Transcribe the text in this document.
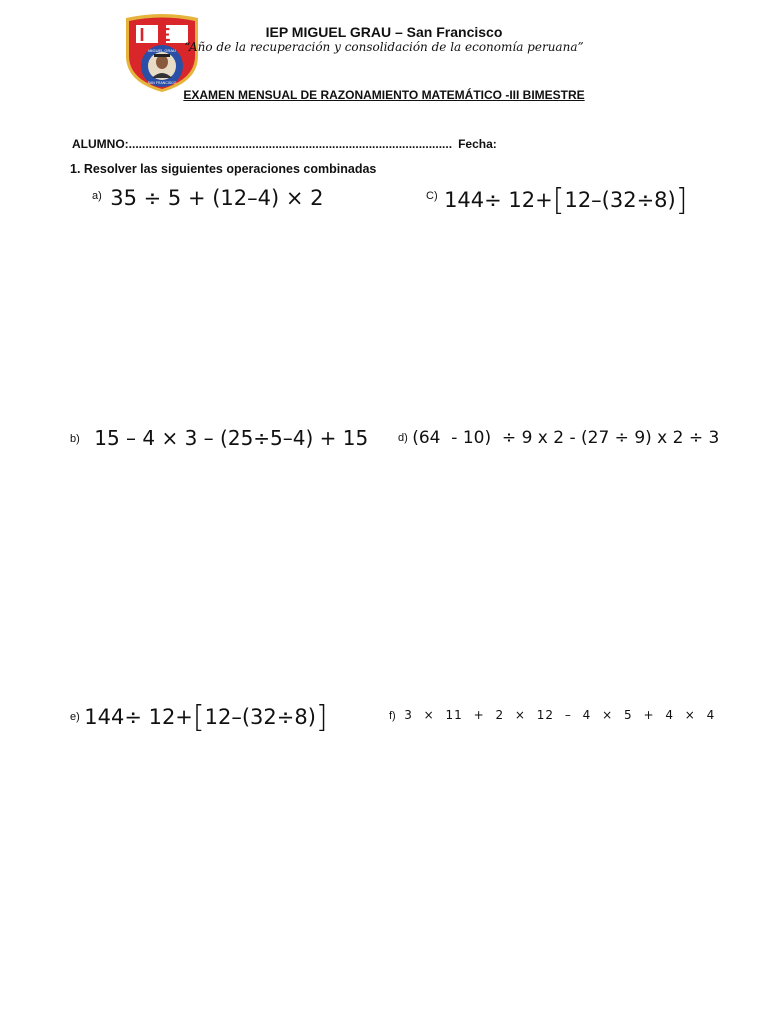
IE
MIGUEL GRAU
SAN FRANCISCO
IEP MIGUEL GRAU – San Francisco
“Año de la recuperación y consolidación de la economía peruana”
EXAMEN MENSUAL DE RAZONAMIENTO MATEMÁTICO -III BIMESTRE
ALUMNO:................................................................................................. Fecha:
1. Resolver las siguientes operaciones combinadas
$^{a)}$ 35 ÷ 5 + (12–4) × 2	$^{C)}$ 144÷ 12+[12–(32÷8)]
b) 15 – 4 × 3 – (25÷5–4) + 15	d) (64  - 10)  ÷ 9 x 2 - (27 ÷ 9) x 2 ÷ 3
$^{e)}$ 144÷ 12+[12–(32÷8)]	f) 3 × 11 + 2 × 12 – 4 × 5 + 4 × 4
